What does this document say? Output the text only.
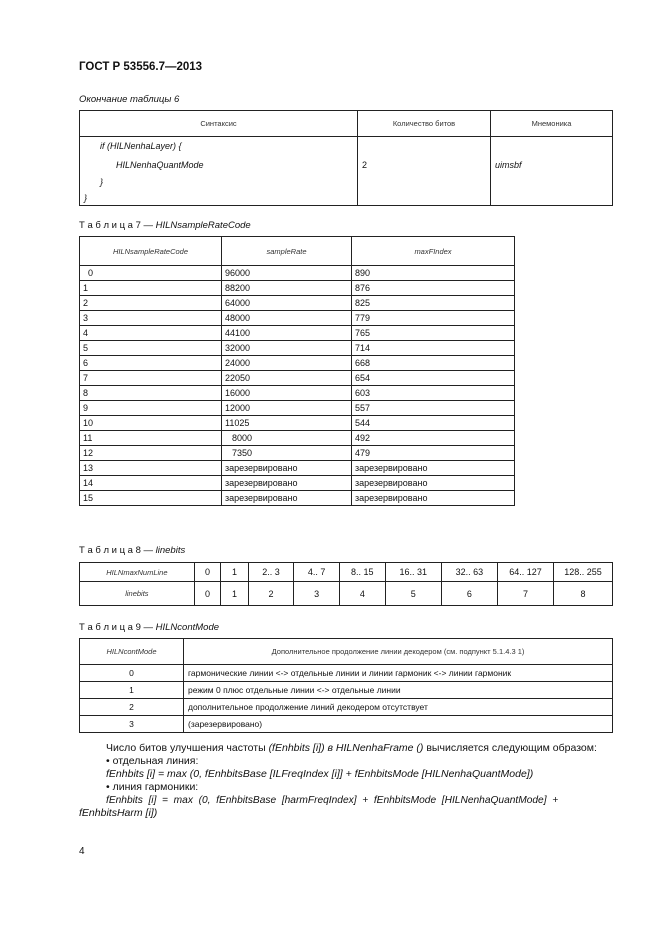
ГОСТ Р 53556.7—2013
Окончание таблицы 6
Синтаксис	Количество битов	Мнемоника

if (HILNenhaLayer) {
HILNenhaQuantMode
}
}	2	uimsbf
Т а б л и ц а 7 — HILNsampleRateCode
HILNsampleRateCode	sampleRate	maxFIndex
0	96000	890
1	88200	876
2	64000	825
3	48000	779
4	44100	765
5	32000	714
6	24000	668
7	22050	654
8	16000	603
9	12000	557
10	11025	544
11	8000	492
12	7350	479
13	зарезервировано	зарезервировано
14	зарезервировано	зарезервировано
15	зарезервировано	зарезервировано
Т а б л и ц а 8 — linebits
HILNmaxNumLine	0	1	2.. 3	4.. 7	8.. 15	16.. 31	32.. 63	64.. 127	128.. 255
linebits	0	1	2	3	4	5	6	7	8
Т а б л и ц а 9 — HILNcontMode
HILNcontMode	Дополнительное продолжение линии декодером (см. подпункт 5.1.4.3 1)
0	гармонические линии <-> отдельные линии и линии гармоник <-> линии гармоник
1	режим 0 плюс отдельные линии <-> отдельные линии
2	дополнительное продолжение линий декодером отсутствует
3	(зарезервировано)
Число битов улучшения частоты (fEnhbits [i]) в HILNenhaFrame () вычисляется следующим образом:
• отдельная линия:
fEnhbits [i] = max (0, fEnhbitsBase [ILFreqIndex [i]] + fEnhbitsMode [HILNenhaQuantMode])
• линия гармоники:
fEnhbits  [i]  =  max  (0,  fEnhbitsBase  [harmFreqIndex]  +  fEnhbitsMode  [HILNenhaQuantMode]  +
fEnhbitsHarm [i])
4
